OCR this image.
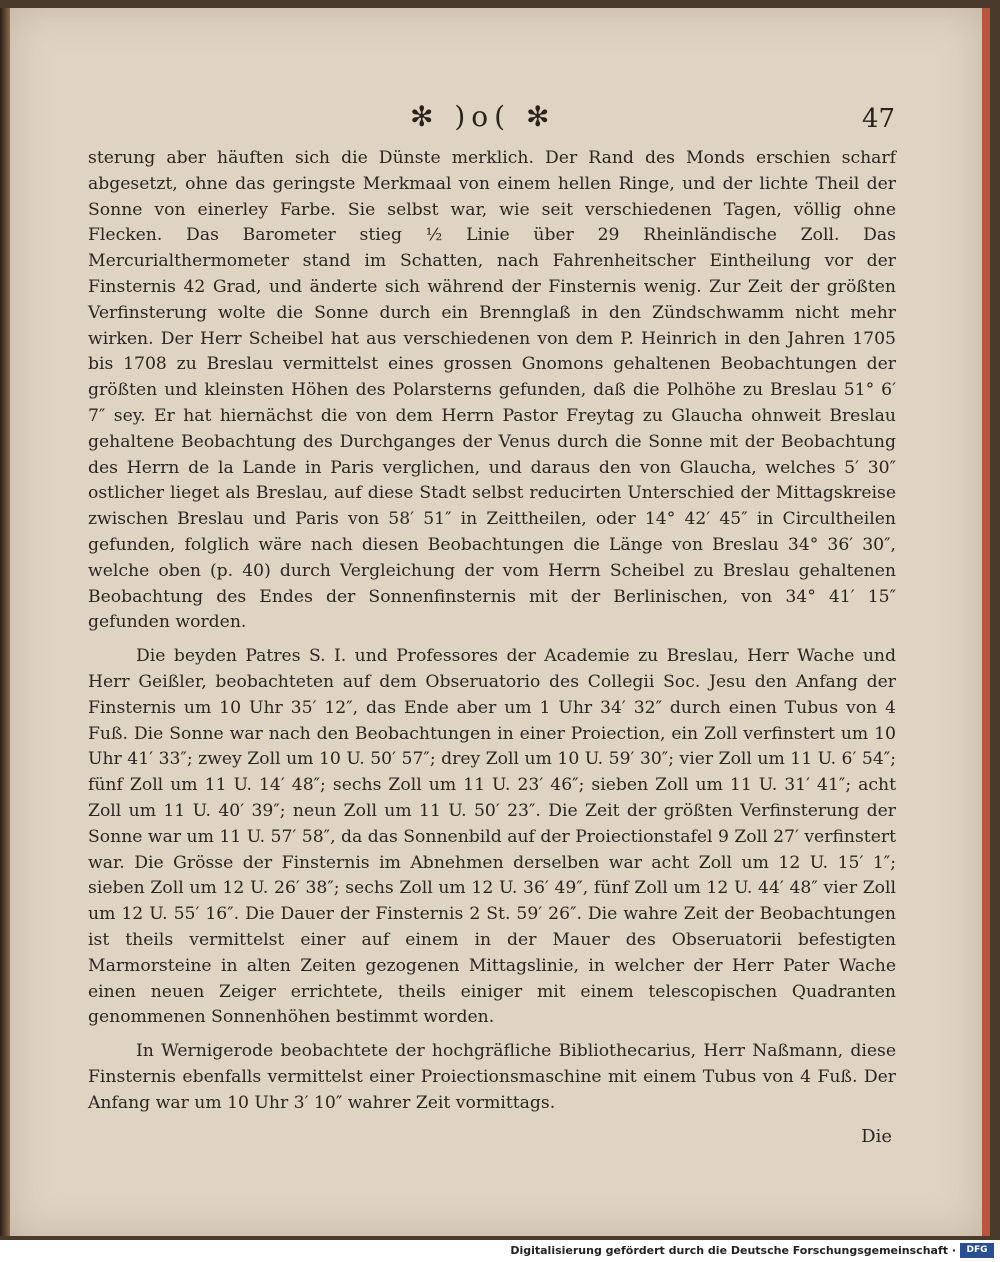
✻ )o( ✻	47

sterung aber häuften sich die Dünste merklich. Der Rand des Monds erschien scharf abgesetzt, ohne das geringste Merkmaal von einem hellen Ringe, und der lichte Theil der Sonne von einerley Farbe. Sie selbst war, wie seit verschiedenen Tagen, völlig ohne Flecken. Das Barometer stieg ½ Linie über 29 Rheinländische Zoll. Das Mercurialthermometer stand im Schatten, nach Fahrenheitscher Eintheilung vor der Finsternis 42 Grad, und änderte sich während der Finsternis wenig. Zur Zeit der größten Verfinsterung wolte die Sonne durch ein Brennglaß in den Zündschwamm nicht mehr wirken. Der Herr Scheibel hat aus verschiedenen von dem P. Heinrich in den Jahren 1705 bis 1708 zu Breslau vermittelst eines grossen Gnomons gehaltenen Beobachtungen der größten und kleinsten Höhen des Polarsterns gefunden, daß die Polhöhe zu Breslau 51° 6′ 7″ sey. Er hat hiernächst die von dem Herrn Pastor Freytag zu Glaucha ohnweit Breslau gehaltene Beobachtung des Durchganges der Venus durch die Sonne mit der Beobachtung des Herrn de la Lande in Paris verglichen, und daraus den von Glaucha, welches 5′ 30″ ostlicher lieget als Breslau, auf diese Stadt selbst reducirten Unterschied der Mittagskreise zwischen Breslau und Paris von 58′ 51″ in Zeittheilen, oder 14° 42′ 45″ in Circultheilen gefunden, folglich wäre nach diesen Beobachtungen die Länge von Breslau 34° 36′ 30″, welche oben (p. 40) durch Vergleichung der vom Herrn Scheibel zu Breslau gehaltenen Beobachtung des Endes der Sonnenfinsternis mit der Berlinischen, von 34° 41′ 15″ gefunden worden.

Die beyden Patres S. I. und Professores der Academie zu Breslau, Herr Wache und Herr Geißler, beobachteten auf dem Obseruatorio des Collegii Soc. Jesu den Anfang der Finsternis um 10 Uhr 35′ 12″, das Ende aber um 1 Uhr 34′ 32″ durch einen Tubus von 4 Fuß. Die Sonne war nach den Beobachtungen in einer Proiection, ein Zoll verfinstert um 10 Uhr 41′ 33″; zwey Zoll um 10 U. 50′ 57″; drey Zoll um 10 U. 59′ 30″; vier Zoll um 11 U. 6′ 54″; fünf Zoll um 11 U. 14′ 48″; sechs Zoll um 11 U. 23′ 46″; sieben Zoll um 11 U. 31′ 41″; acht Zoll um 11 U. 40′ 39″; neun Zoll um 11 U. 50′ 23″. Die Zeit der größten Verfinsterung der Sonne war um 11 U. 57′ 58″, da das Sonnenbild auf der Proiectionstafel 9 Zoll 27′ verfinstert war. Die Grösse der Finsternis im Abnehmen derselben war acht Zoll um 12 U. 15′ 1″; sieben Zoll um 12 U. 26′ 38″; sechs Zoll um 12 U. 36′ 49″, fünf Zoll um 12 U. 44′ 48″ vier Zoll um 12 U. 55′ 16″. Die Dauer der Finsternis 2 St. 59′ 26″. Die wahre Zeit der Beobachtungen ist theils vermittelst einer auf einem in der Mauer des Obseruatorii befestigten Marmorsteine in alten Zeiten gezogenen Mittagslinie, in welcher der Herr Pater Wache einen neuen Zeiger errichtete, theils einiger mit einem telescopischen Quadranten genommenen Sonnenhöhen bestimmt worden.

In Wernigerode beobachtete der hochgräfliche Bibliothecarius, Herr Naßmann, diese Finsternis ebenfalls vermittelst einer Proiectionsmaschine mit einem Tubus von 4 Fuß. Der Anfang war um 10 Uhr 3′ 10″ wahrer Zeit vormittags.

Die
Digitalisierung gefördert durch die Deutsche Forschungsgemeinschaft ·	DFG
